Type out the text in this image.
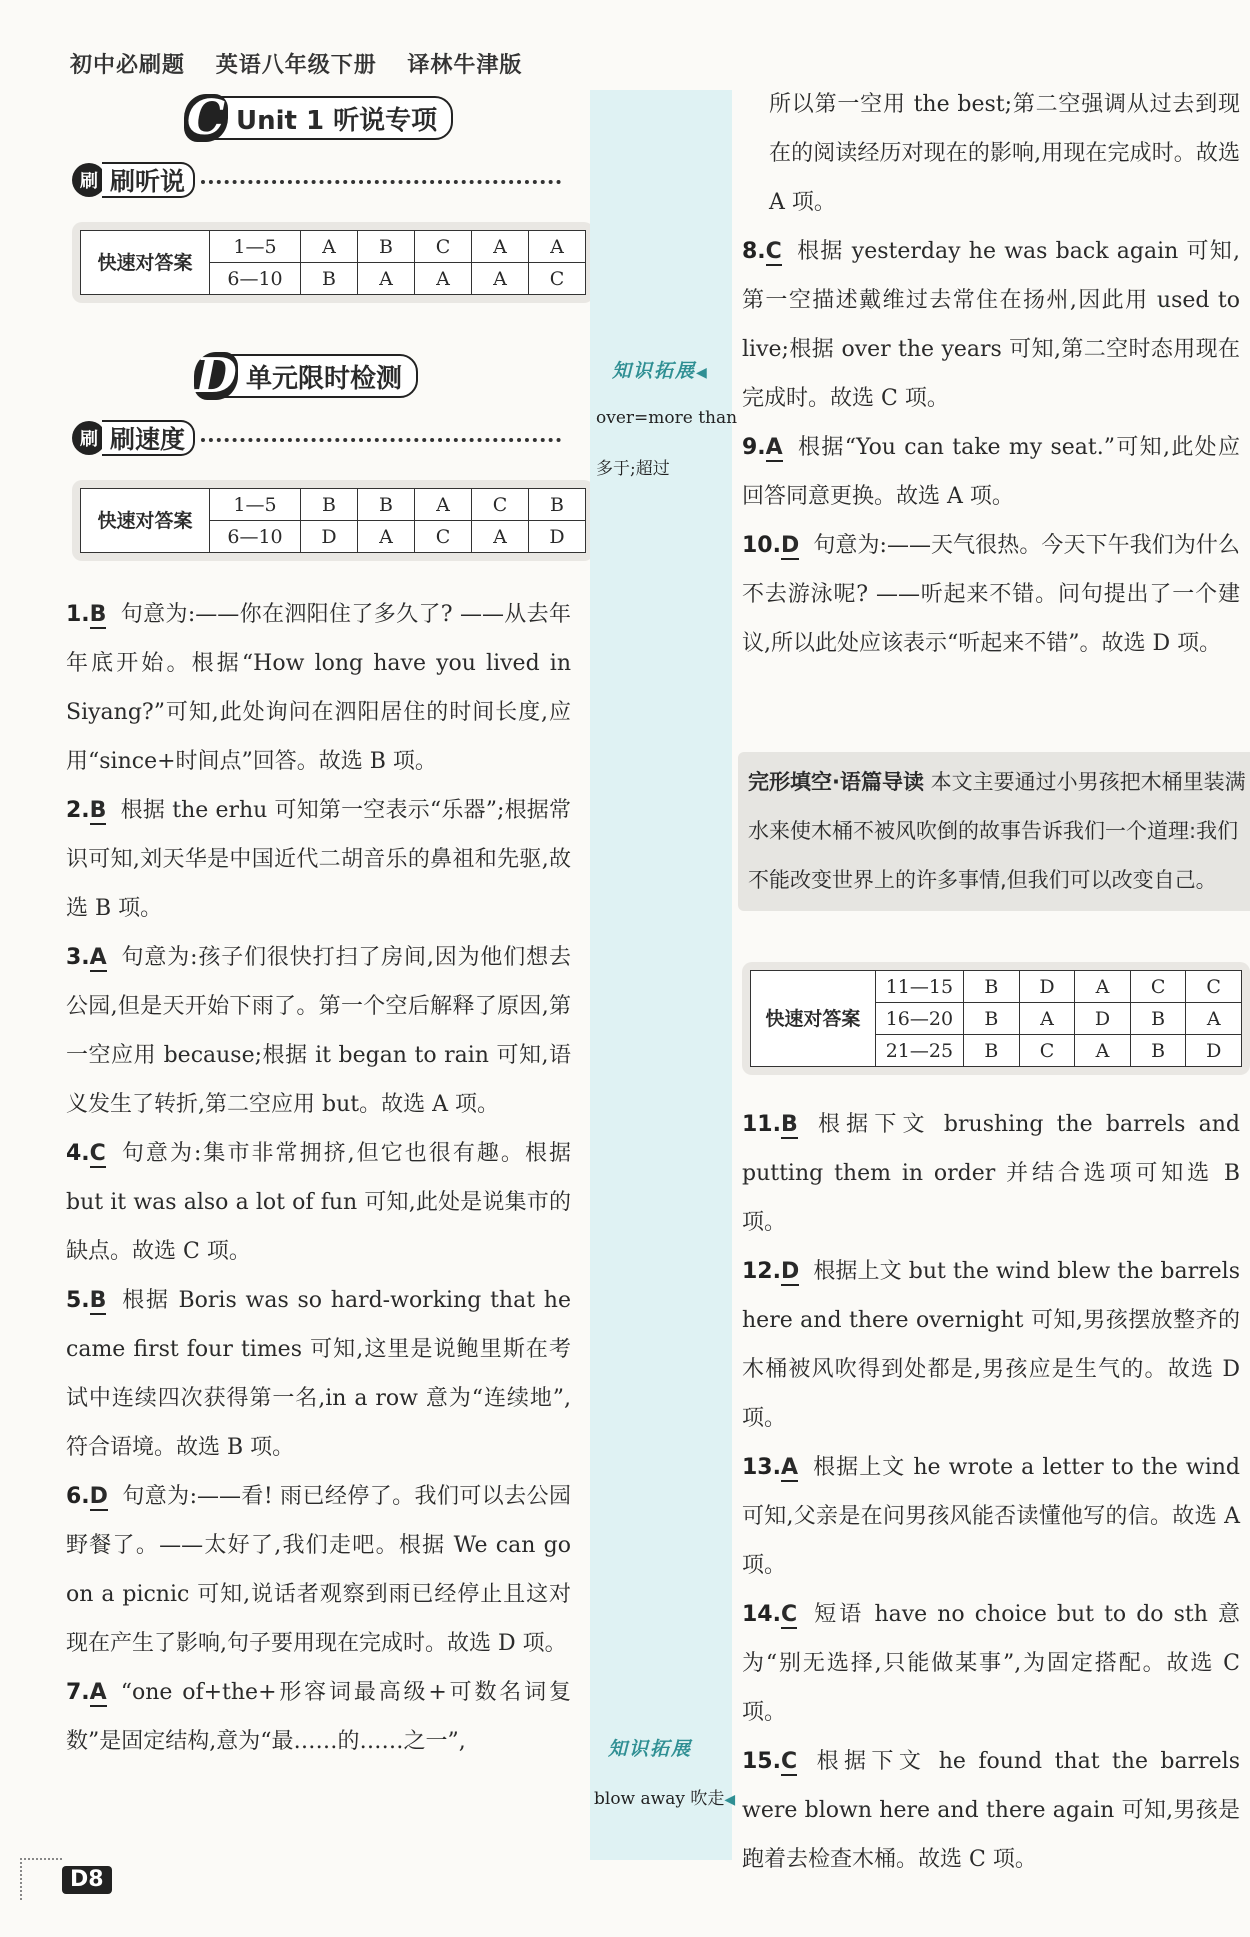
初中必刷题 英语八年级下册 译林牛津版
C Unit 1 听说专项
刷 刷听说
快速对答案	1—5	A	B	C	A	A
	6—10	B	A	A	A	C
D 单元限时检测
刷 刷速度
快速对答案	1—5	B	B	A	C	B
	6—10	D	A	C	A	D

1.B 句意为:——你在泗阳住了多久了? ——从去年年底开始。根据“How long have you lived in Siyang?”可知,此处询问在泗阳居住的时间长度,应用“since+时间点”回答。故选 B 项。

2.B 根据 the erhu 可知第一空表示“乐器”;根据常识可知,刘天华是中国近代二胡音乐的鼻祖和先驱,故选 B 项。

3.A 句意为:孩子们很快打扫了房间,因为他们想去公园,但是天开始下雨了。第一个空后解释了原因,第一空应用 because;根据 it began to rain 可知,语义发生了转折,第二空应用 but。故选 A 项。

4.C 句意为:集市非常拥挤,但它也很有趣。根据 but it was also a lot of fun 可知,此处是说集市的缺点。故选 C 项。

5.B 根据 Boris was so hard-working that he came first four times 可知,这里是说鲍里斯在考试中连续四次获得第一名,in a row 意为“连续地”,符合语境。故选 B 项。

6.D 句意为:——看! 雨已经停了。我们可以去公园野餐了。——太好了,我们走吧。根据 We can go on a picnic 可知,说话者观察到雨已经停止且这对现在产生了影响,句子要用现在完成时。故选 D 项。

7.A “one of+the+形容词最高级+可数名词复数”是固定结构,意为“最……的……之一”,

知识拓展◀
over=more than
多于;超过
知识拓展
blow away 吹走◀

所以第一空用 the best;第二空强调从过去到现在的阅读经历对现在的影响,用现在完成时。故选 A 项。

8.C 根据 yesterday he was back again 可知,第一空描述戴维过去常住在扬州,因此用 used to live;根据 over the years 可知,第二空时态用现在完成时。故选 C 项。

9.A 根据“You can take my seat.”可知,此处应回答同意更换。故选 A 项。

10.D 句意为:——天气很热。今天下午我们为什么不去游泳呢? ——听起来不错。问句提出了一个建议,所以此处应该表示“听起来不错”。故选 D 项。

完形填空·语篇导读 本文主要通过小男孩把木桶里装满水来使木桶不被风吹倒的故事告诉我们一个道理:我们不能改变世界上的许多事情,但我们可以改变自己。
快速对答案	11—15	B	D	A	C	C
	16—20	B	A	D	B	A
	21—25	B	C	A	B	D

11.B 根据下文 brushing the barrels and putting them in order 并结合选项可知选 B 项。

12.D 根据上文 but the wind blew the barrels here and there overnight 可知,男孩摆放整齐的木桶被风吹得到处都是,男孩应是生气的。故选 D 项。

13.A 根据上文 he wrote a letter to the wind 可知,父亲是在问男孩风能否读懂他写的信。故选 A 项。

14.C 短语 have no choice but to do sth 意为“别无选择,只能做某事”,为固定搭配。故选 C 项。

15.C 根据下文 he found that the barrels were blown here and there again 可知,男孩是跑着去检查木桶。故选 C 项。

D8
